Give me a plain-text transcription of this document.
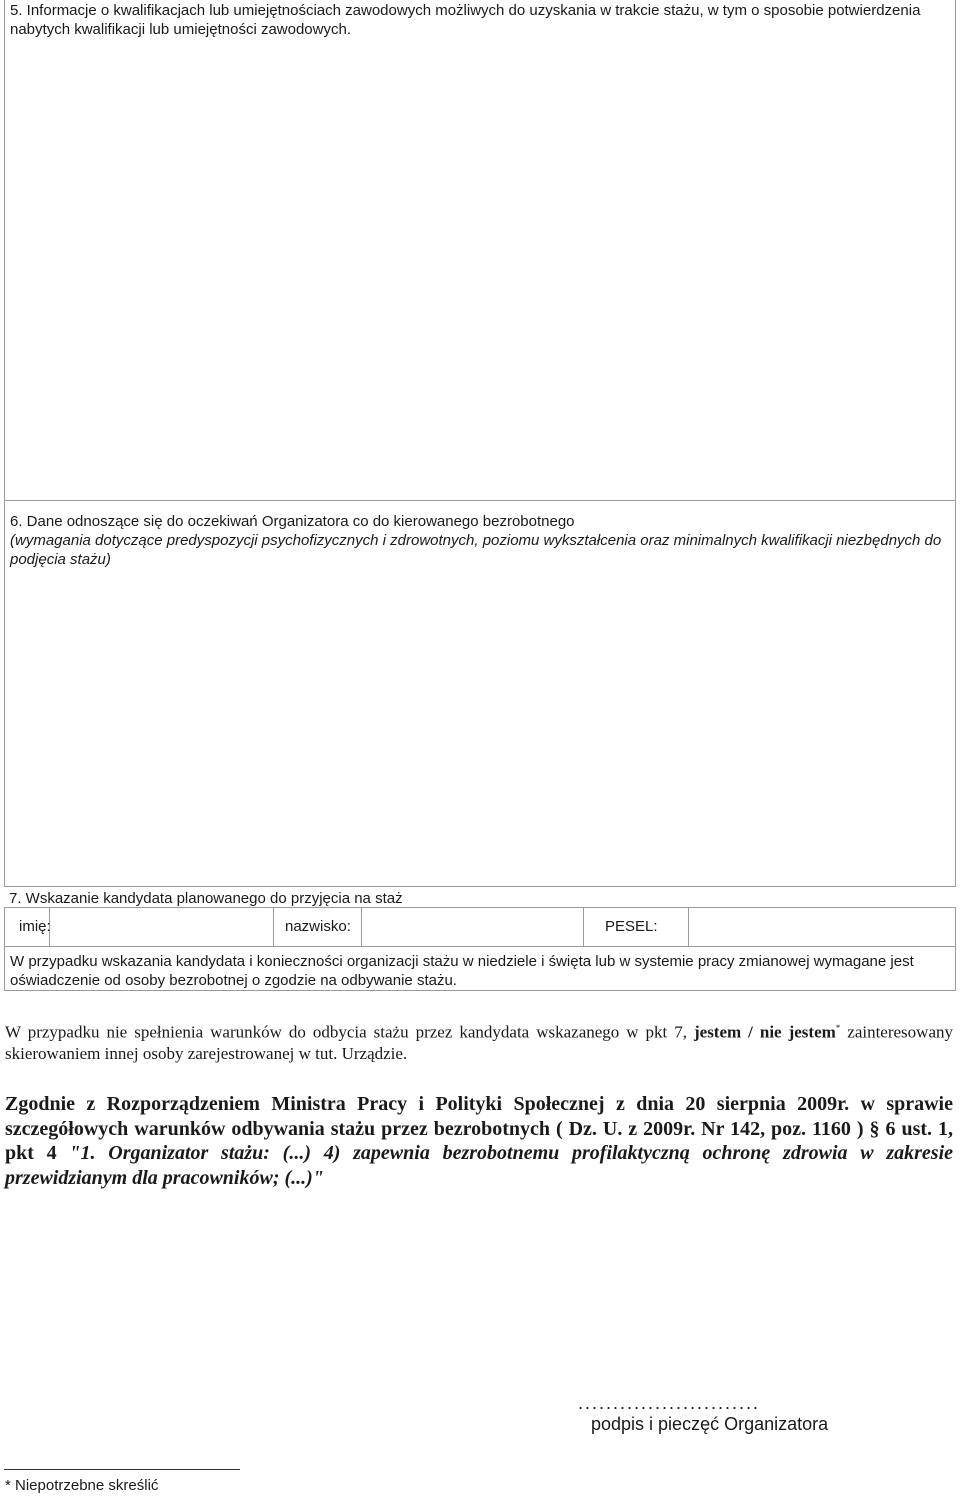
5. Informacje o kwalifikacjach lub umiejętnościach zawodowych możliwych do uzyskania w trakcie stażu, w tym o sposobie potwierdzenia nabytych kwalifikacji lub umiejętności zawodowych.
6. Dane odnoszące się do oczekiwań Organizatora co do kierowanego bezrobotnego
(wymagania dotyczące predyspozycji psychofizycznych i zdrowotnych, poziomu wykształcenia oraz minimalnych kwalifikacji niezbędnych do podjęcia stażu)
7. Wskazanie kandydata planowanego do przyjęcia na staż
imię:	nazwisko:	PESEL:
W przypadku wskazania kandydata i konieczności organizacji stażu w niedziele i święta lub w systemie pracy zmianowej wymagane jest oświadczenie od osoby bezrobotnej o zgodzie na odbywanie stażu.
W przypadku nie spełnienia warunków do odbycia stażu przez kandydata wskazanego w pkt 7, jestem / nie jestem* zainteresowany skierowaniem innej osoby zarejestrowanej w tut. Urządzie.
Zgodnie z Rozporządzeniem Ministra Pracy i Polityki Społecznej z dnia 20 sierpnia 2009r. w sprawie szczegółowych warunków odbywania stażu przez bezrobotnych ( Dz. U. z 2009r. Nr 142, poz. 1160 ) § 6 ust. 1, pkt 4 "1. Organizator stażu: (...) 4) zapewnia bezrobotnemu profilaktyczną ochronę zdrowia w zakresie przewidzianym dla pracowników; (...)"
..........................
podpis i pieczęć Organizatora
* Niepotrzebne skreślić
